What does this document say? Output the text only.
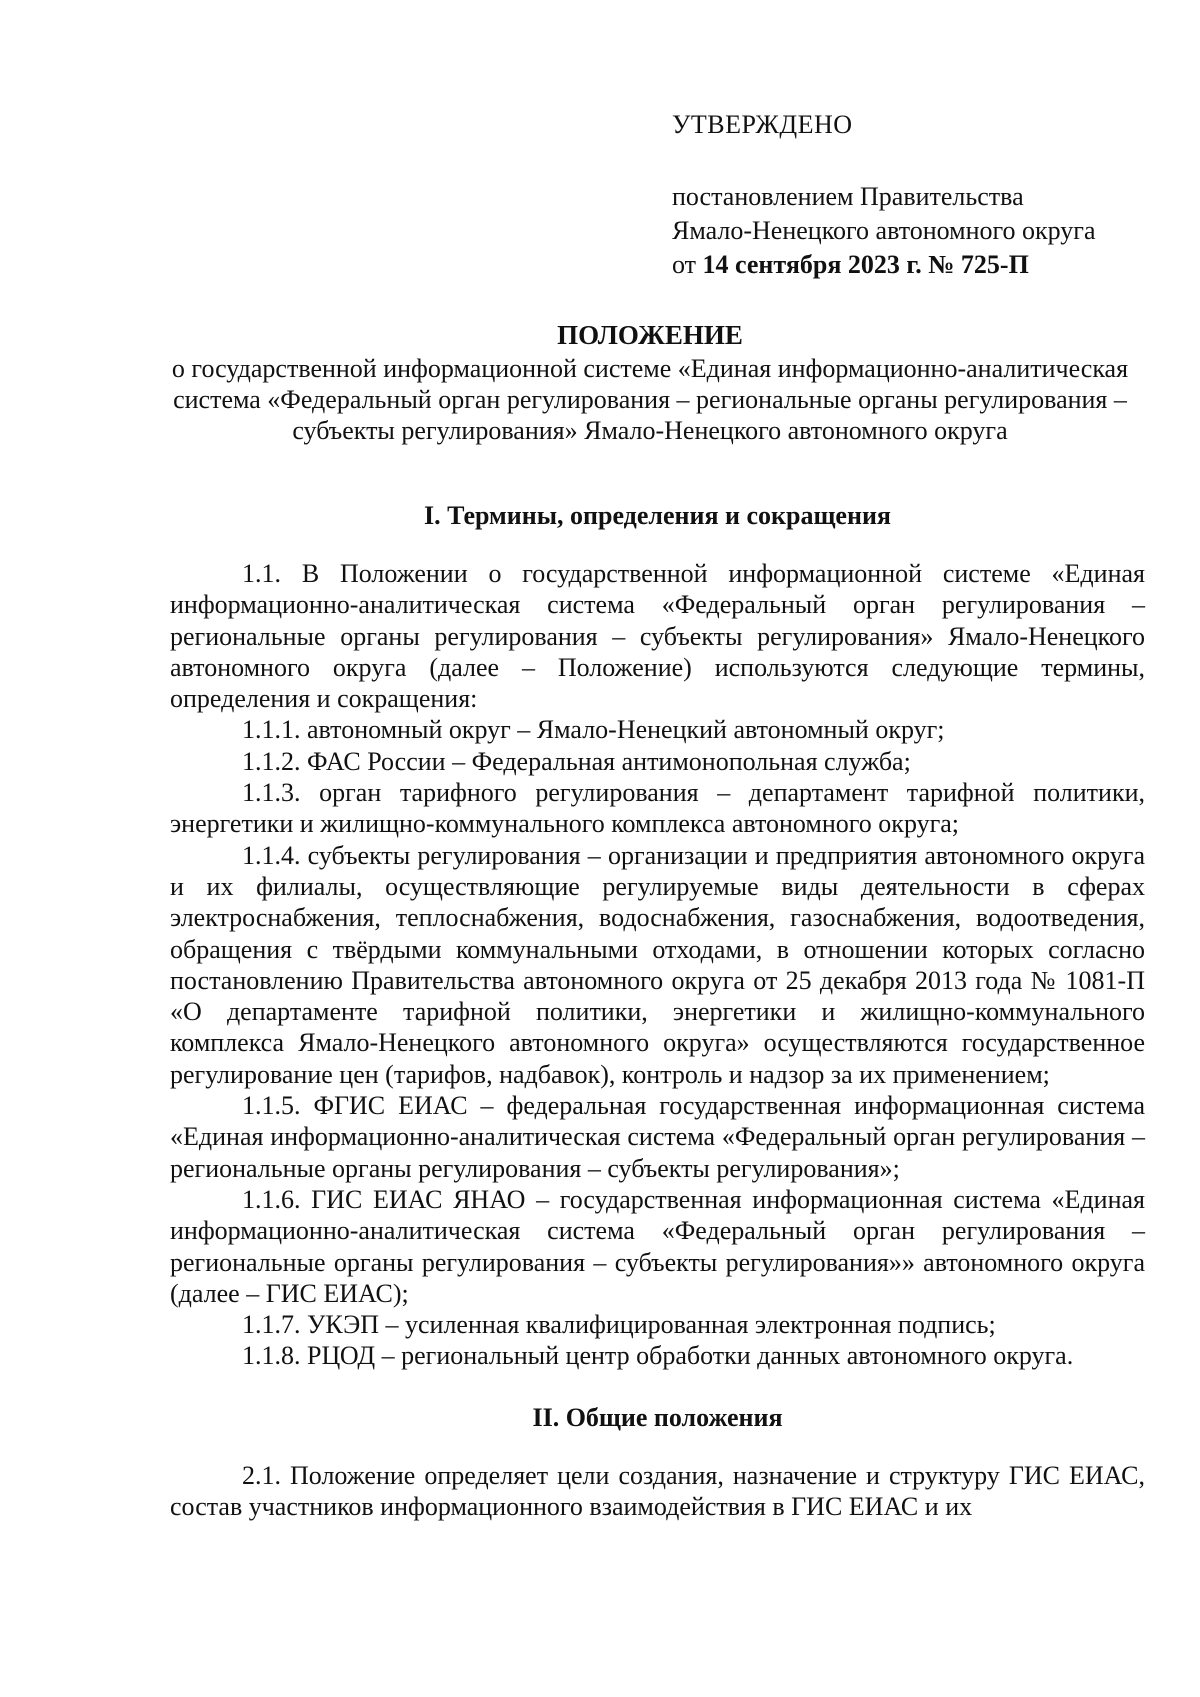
УТВЕРЖДЕНО

постановлением Правительства

Ямало-Ненецкого автономного округа

от 14 сентября 2023 г. № 725-П

ПОЛОЖЕНИЕ

о государственной информационной системе «Единая информационно-аналитическая система «Федеральный орган регулирования – региональные органы регулирования – субъекты регулирования» Ямало-Ненецкого автономного округа

I. Термины, определения и сокращения

1.1. В Положении о государственной информационной системе «Единая информационно-аналитическая система «Федеральный орган регулирования – региональные органы регулирования – субъекты регулирования» Ямало-Ненецкого автономного округа (далее – Положение) используются следующие термины, определения и сокращения:

1.1.1. автономный округ – Ямало-Ненецкий автономный округ;

1.1.2. ФАС России – Федеральная антимонопольная служба;

1.1.3. орган тарифного регулирования – департамент тарифной политики, энергетики и жилищно-коммунального комплекса автономного округа;

1.1.4. субъекты регулирования – организации и предприятия автономного округа и их филиалы, осуществляющие регулируемые виды деятельности в сферах электроснабжения, теплоснабжения, водоснабжения, газоснабжения, водоотведения, обращения с твёрдыми коммунальными отходами, в отношении которых согласно постановлению Правительства автономного округа от 25 декабря 2013 года № 1081-П «О департаменте тарифной политики, энергетики и жилищно-коммунального комплекса Ямало-Ненецкого автономного округа» осуществляются государственное регулирование цен (тарифов, надбавок), контроль и надзор за их применением;

1.1.5. ФГИС ЕИАС – федеральная государственная информационная система «Единая информационно-аналитическая система «Федеральный орган регулирования – региональные органы регулирования – субъекты регулирования»;

1.1.6. ГИС ЕИАС ЯНАО – государственная информационная система «Единая информационно-аналитическая система «Федеральный орган регулирования – региональные органы регулирования – субъекты регулирования»» автономного округа (далее – ГИС ЕИАС);

1.1.7. УКЭП – усиленная квалифицированная электронная подпись;

1.1.8. РЦОД – региональный центр обработки данных автономного округа.

II. Общие положения

2.1. Положение определяет цели создания, назначение и структуру ГИС ЕИАС, состав участников информационного взаимодействия в ГИС ЕИАС и их
